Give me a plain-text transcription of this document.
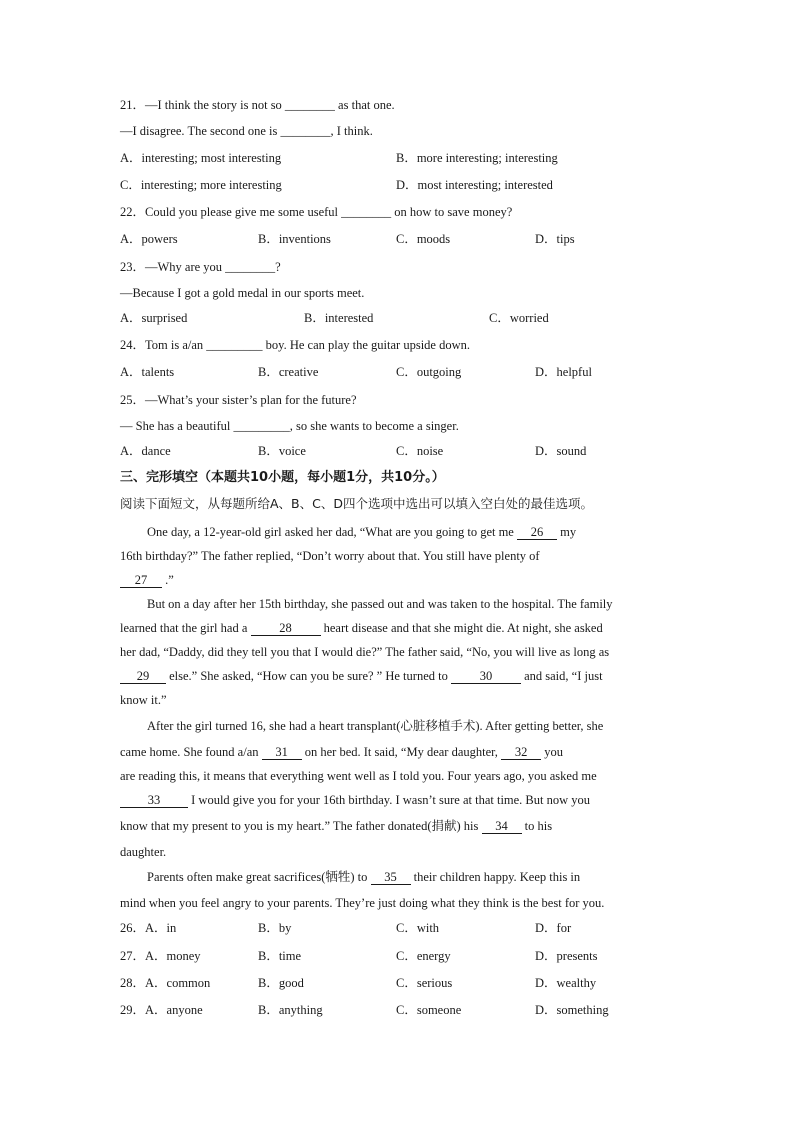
21．—I think the story is not so ________ as that one.
—I disagree. The second one is ________, I think.
A．interesting; most interesting	B．more interesting; interesting
C．interesting; more interesting	D．most interesting; interested
22．Could you please give me some useful ________ on how to save money?
A．powers	B．inventions	C．moods	D．tips
23．—Why are you ________?
—Because I got a gold medal in our sports meet.
A．surprised	B．interested	C．worried
24．Tom is a/an _________ boy. He can play the guitar upside down.
A．talents	B．creative	C．outgoing	D．helpful
25．—What’s your sister’s plan for the future?
— She has a beautiful _________, so she wants to become a singer.
A．dance	B．voice	C．noise	D．sound
三、完形填空（本题共10小题，每小题1分，共10分。）
阅读下面短文，从每题所给A、B、C、D四个选项中选出可以填入空白处的最佳选项。
One day, a 12-year-old girl asked her dad, “What are you going to get me 26 my
16th birthday?” The father replied, “Don’t worry about that. You still have plenty of
27 .”
But on a day after her 15th birthday, she passed out and was taken to the hospital. The family
learned that the girl had a 28 heart disease and that she might die. At night, she asked
her dad, “Daddy, did they tell you that I would die?” The father said, “No, you will live as long as
29 else.” She asked, “How can you be sure? ” He turned to 30 and said, “I just
know it.”
After the girl turned 16, she had a heart transplant(心脏移植手术). After getting better, she
came home. She found a/an 31 on her bed. It said, “My dear daughter, 32 you
are reading this, it means that everything went well as I told you. Four years ago, you asked me
33 I would give you for your 16th birthday. I wasn’t sure at that time. But now you
know that my present to you is my heart.” The father donated(捐献) his 34 to his
daughter.
Parents often make great sacrifices(牺牲) to 35 their children happy. Keep this in
mind when you feel angry to your parents. They’re just doing what they think is the best for you.
26．A．in	B．by	C．with	D．for
27．A．money	B．time	C．energy	D．presents
28．A．common	B．good	C．serious	D．wealthy
29．A．anyone	B．anything	C．someone	D．something
